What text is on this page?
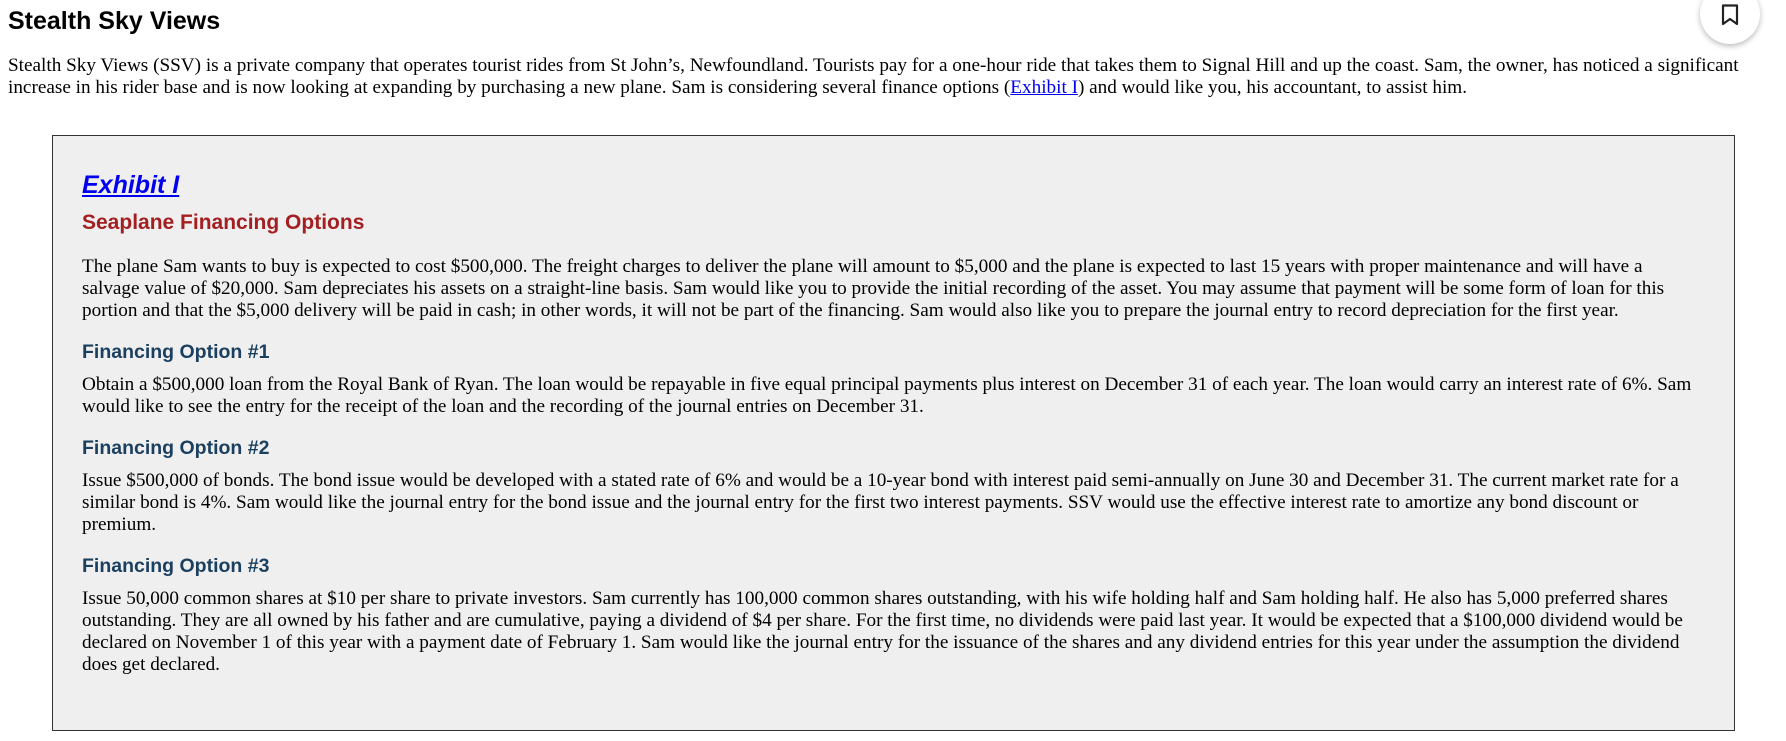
Stealth Sky Views

Stealth Sky Views (SSV) is a private company that operates tourist rides from St John’s, Newfoundland. Tourists pay for a one-hour ride that takes them to Signal Hill and up the coast. Sam, the owner, has noticed a significant increase in his rider base and is now looking at expanding by purchasing a new plane. Sam is considering several finance options (Exhibit I) and would like you, his accountant, to assist him.

Exhibit I
Seaplane Financing Options

The plane Sam wants to buy is expected to cost $500,000. The freight charges to deliver the plane will amount to $5,000 and the plane is expected to last 15 years with proper maintenance and will have a salvage value of $20,000. Sam depreciates his assets on a straight-line basis. Sam would like you to provide the initial recording of the asset. You may assume that payment will be some form of loan for this portion and that the $5,000 delivery will be paid in cash; in other words, it will not be part of the financing. Sam would also like you to prepare the journal entry to record depreciation for the first year.

Financing Option #1

Obtain a $500,000 loan from the Royal Bank of Ryan. The loan would be repayable in five equal principal payments plus interest on December 31 of each year. The loan would carry an interest rate of 6%. Sam would like to see the entry for the receipt of the loan and the recording of the journal entries on December 31.

Financing Option #2

Issue $500,000 of bonds. The bond issue would be developed with a stated rate of 6% and would be a 10-year bond with interest paid semi-annually on June 30 and December 31. The current market rate for a similar bond is 4%. Sam would like the journal entry for the bond issue and the journal entry for the first two interest payments. SSV would use the effective interest rate to amortize any bond discount or premium.

Financing Option #3

Issue 50,000 common shares at $10 per share to private investors. Sam currently has 100,000 common shares outstanding, with his wife holding half and Sam holding half. He also has 5,000 preferred shares outstanding. They are all owned by his father and are cumulative, paying a dividend of $4 per share. For the first time, no dividends were paid last year. It would be expected that a $100,000 dividend would be declared on November 1 of this year with a payment date of February 1. Sam would like the journal entry for the issuance of the shares and any dividend entries for this year under the assumption the dividend does get declared.
